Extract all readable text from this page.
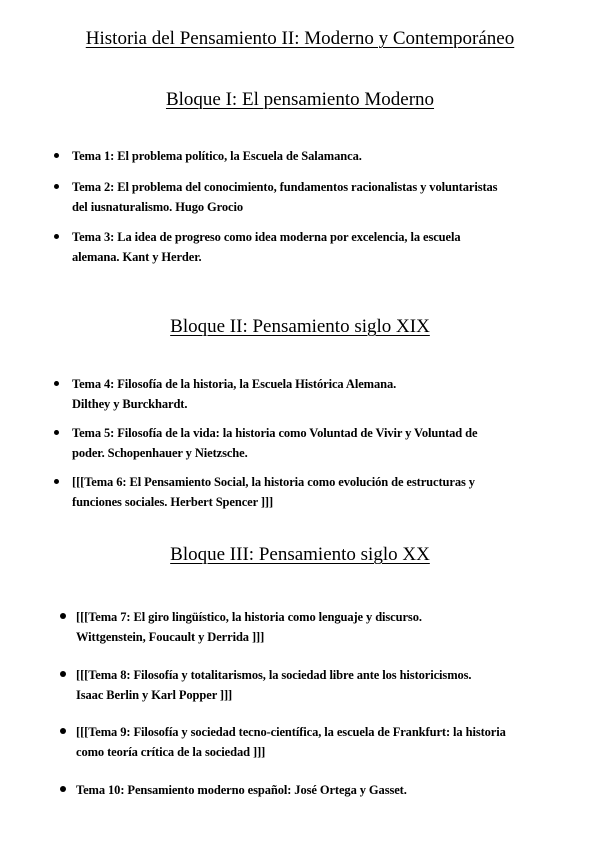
Historia del Pensamiento II: Moderno y Contemporáneo
Bloque I: El pensamiento Moderno
Tema 1: El problema político, la Escuela de Salamanca.
Tema 2: El problema del conocimiento, fundamentos racionalistas y voluntaristas
del iusnaturalismo. Hugo Grocio
Tema 3: La idea de progreso como idea moderna por excelencia, la escuela
alemana. Kant y Herder.
Bloque II: Pensamiento siglo XIX
Tema 4: Filosofía de la historia, la Escuela Histórica Alemana.
Dilthey y Burckhardt.
Tema 5: Filosofía de la vida: la historia como Voluntad de Vivir y Voluntad de
poder. Schopenhauer y Nietzsche.
[[[Tema 6: El Pensamiento Social, la historia como evolución de estructuras y
funciones sociales. Herbert Spencer ]]]
Bloque III: Pensamiento siglo XX
[[[Tema 7: El giro lingüístico, la historia como lenguaje y discurso.
Wittgenstein, Foucault y Derrida ]]]
[[[Tema 8: Filosofía y totalitarismos, la sociedad libre ante los historicismos.
Isaac Berlin y Karl Popper ]]]
[[[Tema 9: Filosofía y sociedad tecno-científica, la escuela de Frankfurt: la historia
como teoría crítica de la sociedad ]]]
Tema 10: Pensamiento moderno español: José Ortega y Gasset.
